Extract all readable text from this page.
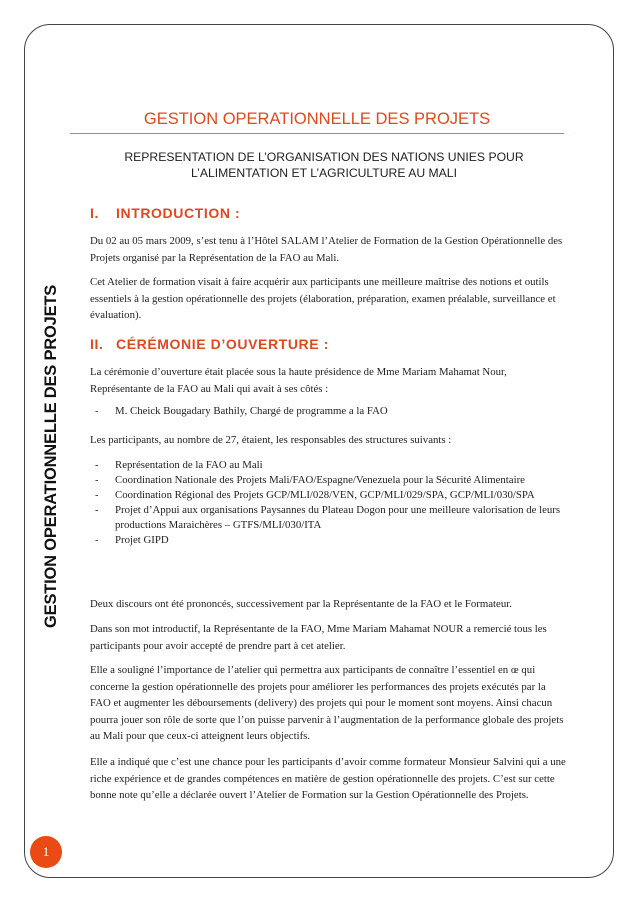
GESTION OPERATIONNELLE DES PROJETS
GESTION OPERATIONNELLE DES PROJETS
REPRESENTATION DE L’ORGANISATION DES NATIONS UNIES POUR
L’ALIMENTATION ET L’AGRICULTURE AU MALI
I. INTRODUCTION :
Du 02 au 05 mars 2009, s’est tenu à l’Hôtel SALAM l’Atelier de Formation de la Gestion Opérationnelle des Projets organisé par la Représentation de la FAO au Mali.
Cet Atelier de formation visait à faire acquérir aux participants une meilleure maîtrise des notions et outils essentiels à la gestion opérationnelle des projets (élaboration, préparation, examen préalable, surveillance et évaluation).
II. CÉRÉMONIE D’OUVERTURE :
La cérémonie d’ouverture était placée sous la haute présidence de Mme Mariam Mahamat Nour, Représentante de la FAO au Mali qui avait à ses côtés :
- M. Cheick Bougadary Bathily, Chargé de programme a la FAO
Les participants, au nombre de 27, étaient, les responsables des structures suivants :
- Représentation de la FAO au Mali
- Coordination Nationale des Projets Mali/FAO/Espagne/Venezuela pour la Sécurité Alimentaire
- Coordination Régional des Projets GCP/MLI/028/VEN, GCP/MLI/029/SPA, GCP/MLI/030/SPA
- Projet d’Appui aux organisations Paysannes du Plateau Dogon pour une meilleure valorisation de leurs productions Maraichères – GTFS/MLI/030/ITA
- Projet GIPD
Deux discours ont été prononcés, successivement par la Représentante de la FAO et le Formateur.
Dans son mot introductif, la Représentante de la FAO, Mme Mariam Mahamat NOUR a remercié tous les participants pour avoir accepté de prendre part à cet atelier.
Elle a souligné l’importance de l’atelier qui permettra aux participants de connaître l’essentiel en œ qui concerne la gestion opérationnelle des projets pour améliorer les performances des projets exécutés par la FAO et augmenter les déboursements (delivery) des projets qui pour le moment sont moyens. Ainsi chacun pourra jouer son rôle de sorte que l’on puisse parvenir à l’augmentation de la performance globale des projets au Mali pour que ceux-ci atteignent leurs objectifs.
Elle a indiqué que c’est une chance pour les participants d’avoir comme formateur Monsieur Salvini qui a une riche expérience et de grandes compétences en matière de gestion opérationnelle des projets. C’est sur cette bonne note qu’elle a déclarée ouvert l’Atelier de Formation sur la Gestion Opérationnelle des Projets.
1
